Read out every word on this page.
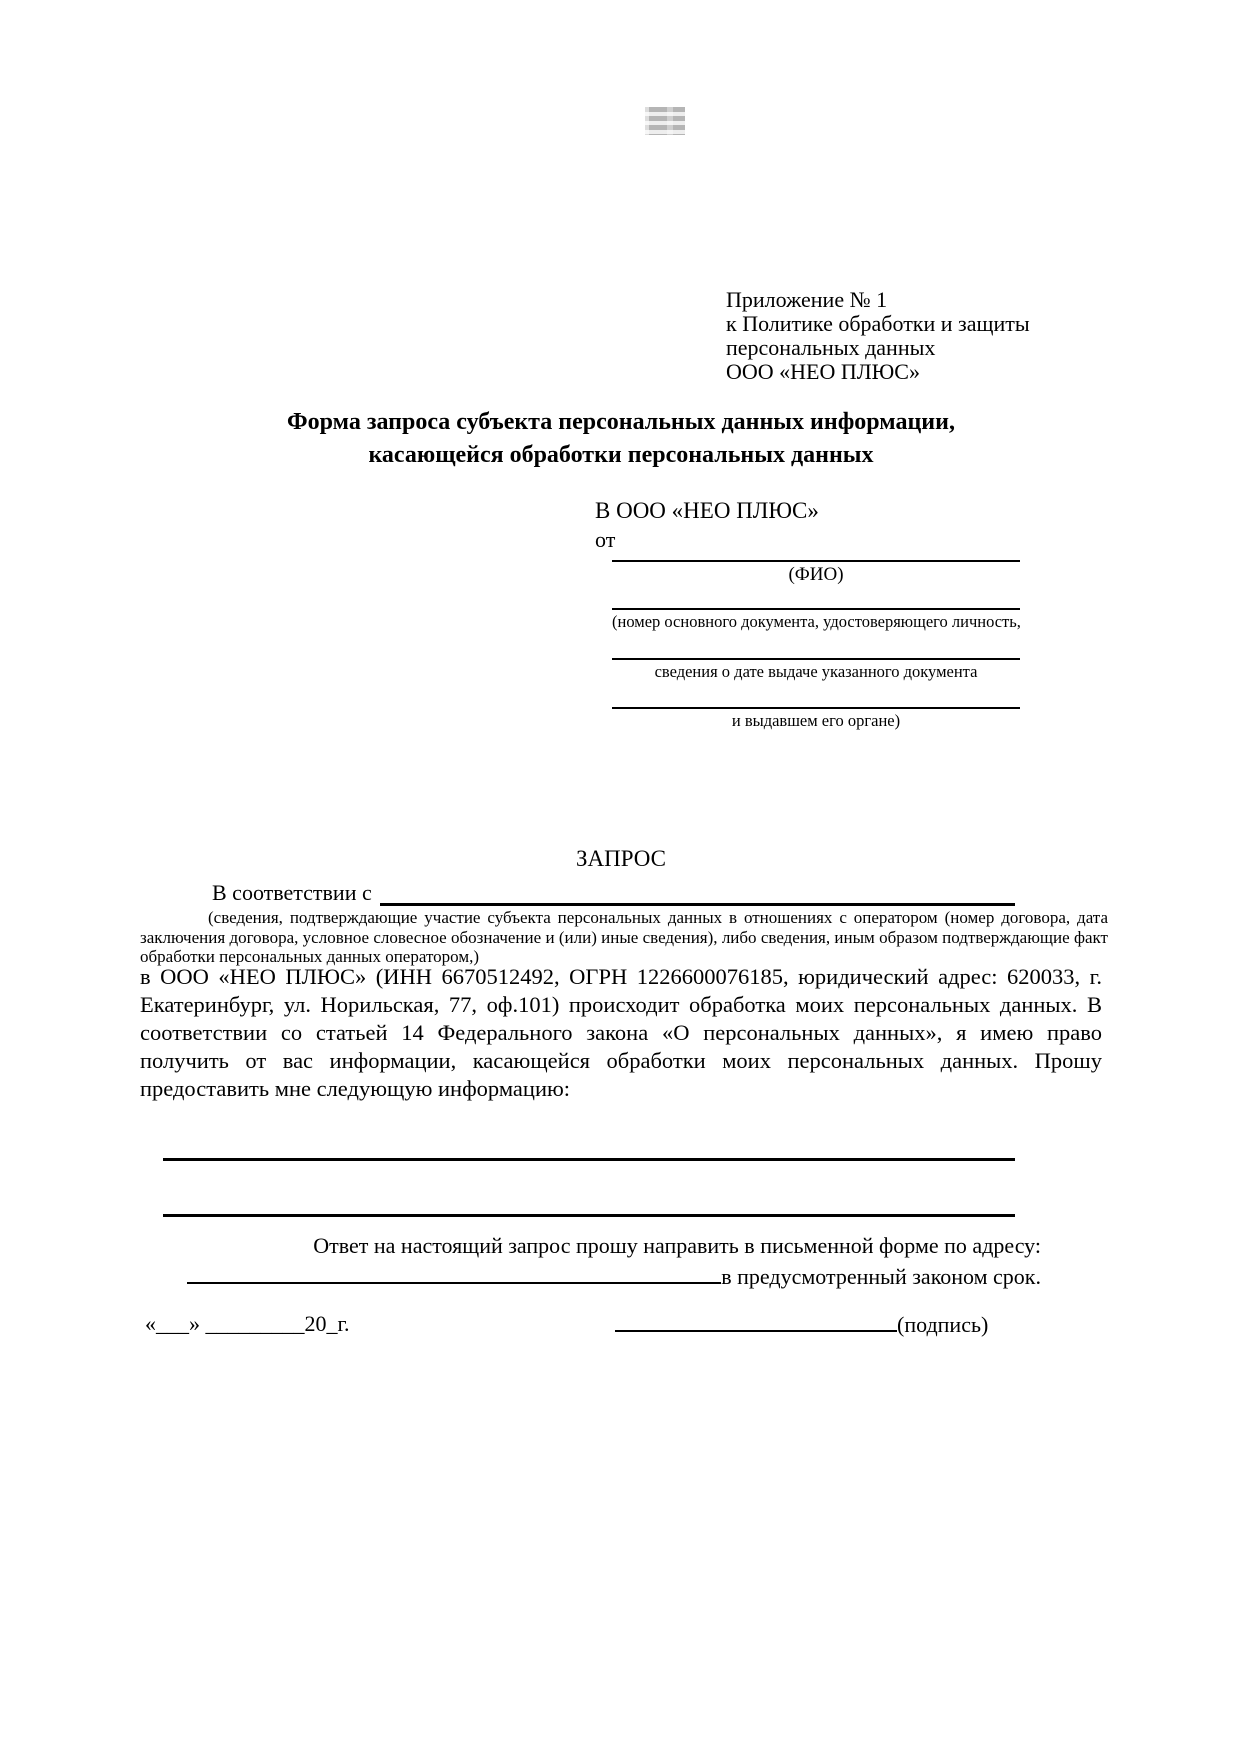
Приложение № 1
к Политике обработки и защиты
персональных данных
ООО «НЕО ПЛЮС»
Форма запроса субъекта персональных данных информации,
касающейся обработки персональных данных
В ООО «НЕО ПЛЮС»
от
(ФИО)
(номер основного документа, удостоверяющего личность,
сведения о дате выдаче указанного документа
и выдавшем его органе)
ЗАПРОС
В соответствии с
(сведения, подтверждающие участие субъекта персональных данных в отношениях с оператором (номер договора, дата заключения договора, условное словесное обозначение и (или) иные сведения), либо сведения, иным образом подтверждающие факт обработки персональных данных оператором,)
в ООО «НЕО ПЛЮС» (ИНН 6670512492, ОГРН 1226600076185, юридический адрес: 620033, г. Екатеринбург, ул. Норильская, 77, оф.101) происходит обработка моих персональных данных. В соответствии со статьей 14 Федерального закона «О персональных данных», я имею право получить от вас информации, касающейся обработки моих персональных данных. Прошу предоставить мне следующую информацию:
Ответ на настоящий запрос прошу направить в письменной форме по адресу:
в предусмотренный законом срок.
«___» _________20_г.	(подпись)
